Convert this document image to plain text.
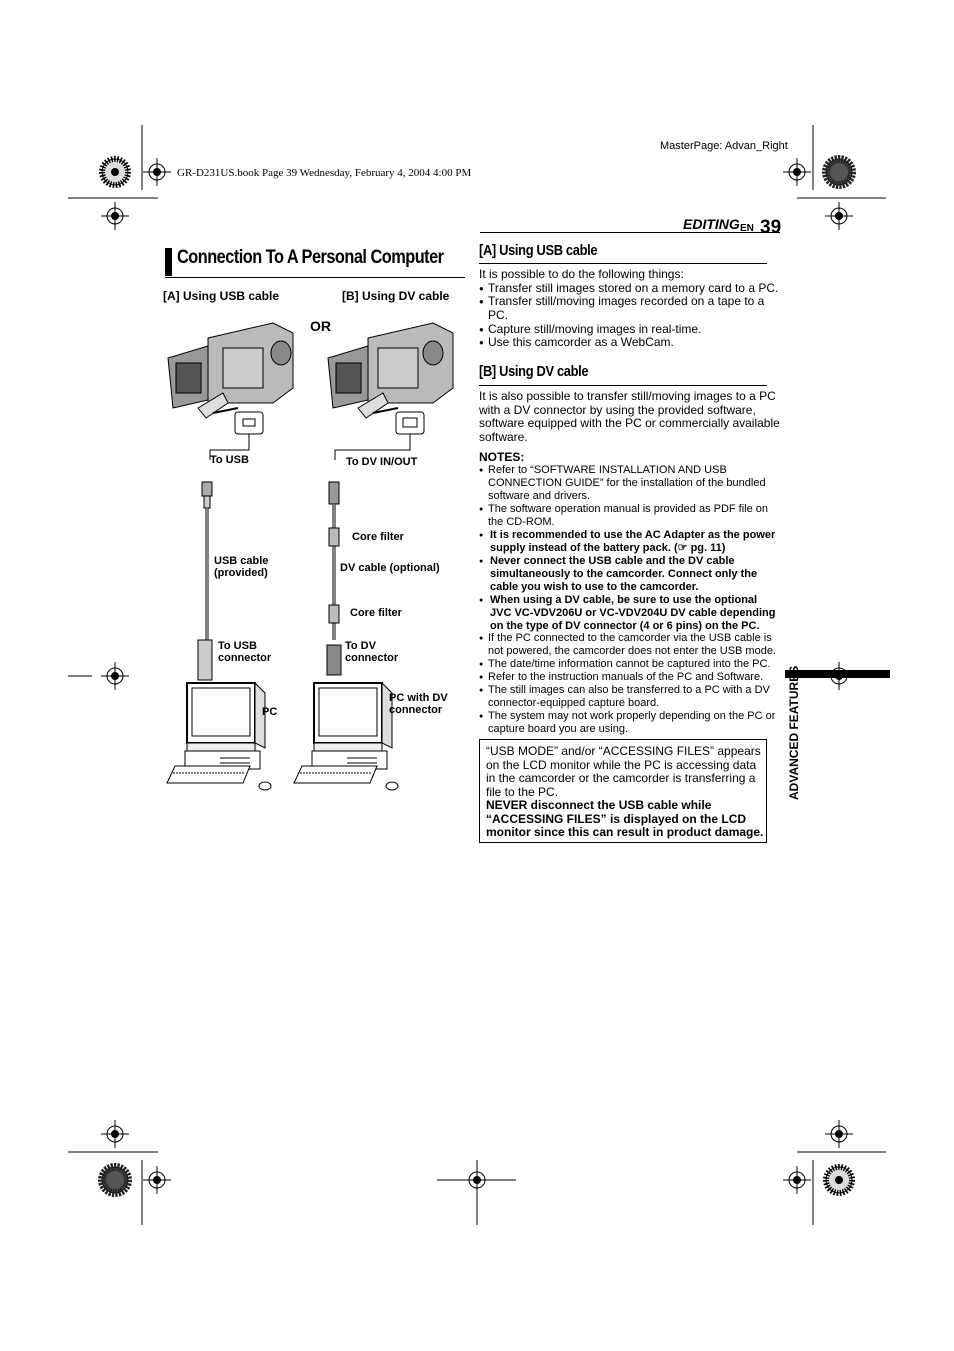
MasterPage: Advan_Right
GR-D231US.book Page 39 Wednesday, February 4, 2004 4:00 PM
EDITING EN 39
Connection To A Personal Computer
[A] Using USB cable	[B] Using DV cable
OR
To USB	To DV IN/OUT
Core filter
USB cable
(provided)	DV cable (optional)
Core filter
To USB
connector
To DV
connector
PC
PC with DV
connector
[A] Using USB cable
It is possible to do the following things:
● Transfer still images stored on a memory card to a PC.
● Transfer still/moving images recorded on a tape to a PC.
● Capture still/moving images in real-time.
● Use this camcorder as a WebCam.
[B] Using DV cable
It is also possible to transfer still/moving images to a PC with a DV connector by using the provided software, software equipped with the PC or commercially available software.
NOTES:
● Refer to “SOFTWARE INSTALLATION AND USB CONNECTION GUIDE” for the installation of the bundled software and drivers.
● The software operation manual is provided as PDF file on the CD-ROM.
● It is recommended to use the AC Adapter as the power supply instead of the battery pack. (☞ pg. 11)
● Never connect the USB cable and the DV cable simultaneously to the camcorder. Connect only the cable you wish to use to the camcorder.
● When using a DV cable, be sure to use the optional JVC VC-VDV206U or VC-VDV204U DV cable depending on the type of DV connector (4 or 6 pins) on the PC.
● If the PC connected to the camcorder via the USB cable is not powered, the camcorder does not enter the USB mode.
● The date/time information cannot be captured into the PC.
● Refer to the instruction manuals of the PC and Software.
● The still images can also be transferred to a PC with a DV connector-equipped capture board.
● The system may not work properly depending on the PC or capture board you are using.
“USB MODE” and/or “ACCESSING FILES” appears on the LCD monitor while the PC is accessing data in the camcorder or the camcorder is transferring a file to the PC.
NEVER disconnect the USB cable while “ACCESSING FILES” is displayed on the LCD monitor since this can result in product damage.
ADVANCED FEATURES
